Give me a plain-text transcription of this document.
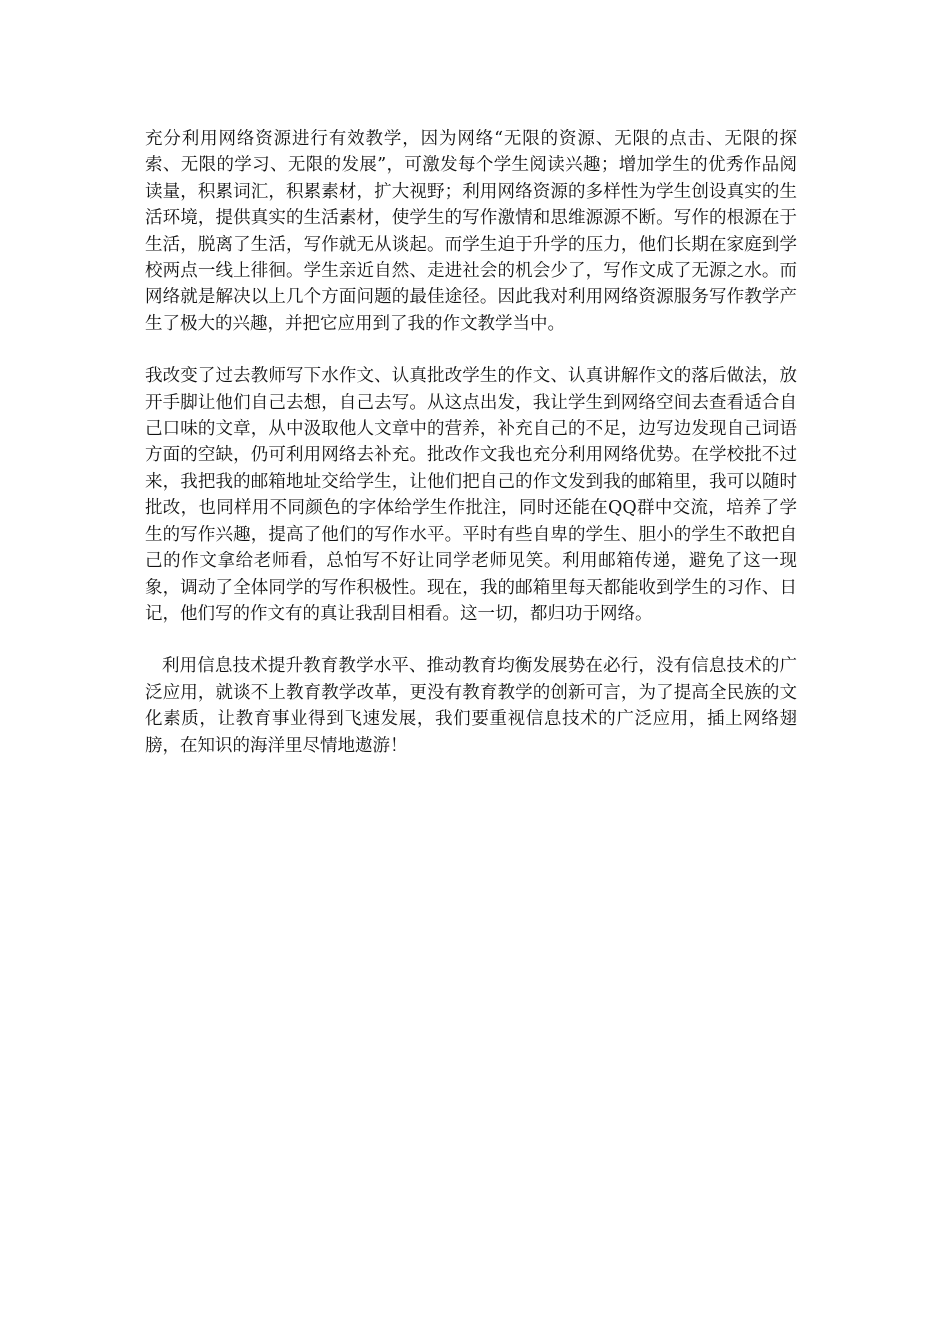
充分利用网络资源进行有效教学，因为网络“无限的资源、无限的点击、无限的探索、无限的学习、无限的发展”，可激发每个学生阅读兴趣；增加学生的优秀作品阅读量，积累词汇，积累素材，扩大视野；利用网络资源的多样性为学生创设真实的生活环境，提供真实的生活素材，使学生的写作激情和思维源源不断。写作的根源在于生活，脱离了生活，写作就无从谈起。而学生迫于升学的压力，他们长期在家庭到学校两点一线上徘徊。学生亲近自然、走进社会的机会少了，写作文成了无源之水。而网络就是解决以上几个方面问题的最佳途径。因此我对利用网络资源服务写作教学产生了极大的兴趣，并把它应用到了我的作文教学当中。

我改变了过去教师写下水作文、认真批改学生的作文、认真讲解作文的落后做法，放开手脚让他们自己去想，自己去写。从这点出发，我让学生到网络空间去查看适合自己口味的文章，从中汲取他人文章中的营养，补充自己的不足，边写边发现自己词语方面的空缺，仍可利用网络去补充。批改作文我也充分利用网络优势。在学校批不过来，我把我的邮箱地址交给学生，让他们把自己的作文发到我的邮箱里，我可以随时批改，也同样用不同颜色的字体给学生作批注，同时还能在QQ群中交流，培养了学生的写作兴趣，提高了他们的写作水平。平时有些自卑的学生、胆小的学生不敢把自己的作文拿给老师看，总怕写不好让同学老师见笑。利用邮箱传递，避免了这一现象，调动了全体同学的写作积极性。现在，我的邮箱里每天都能收到学生的习作、日记，他们写的作文有的真让我刮目相看。这一切，都归功于网络。

利用信息技术提升教育教学水平、推动教育均衡发展势在必行，没有信息技术的广泛应用，就谈不上教育教学改革，更没有教育教学的创新可言，为了提高全民族的文化素质，让教育事业得到飞速发展，我们要重视信息技术的广泛应用，插上网络翅膀，在知识的海洋里尽情地遨游！
